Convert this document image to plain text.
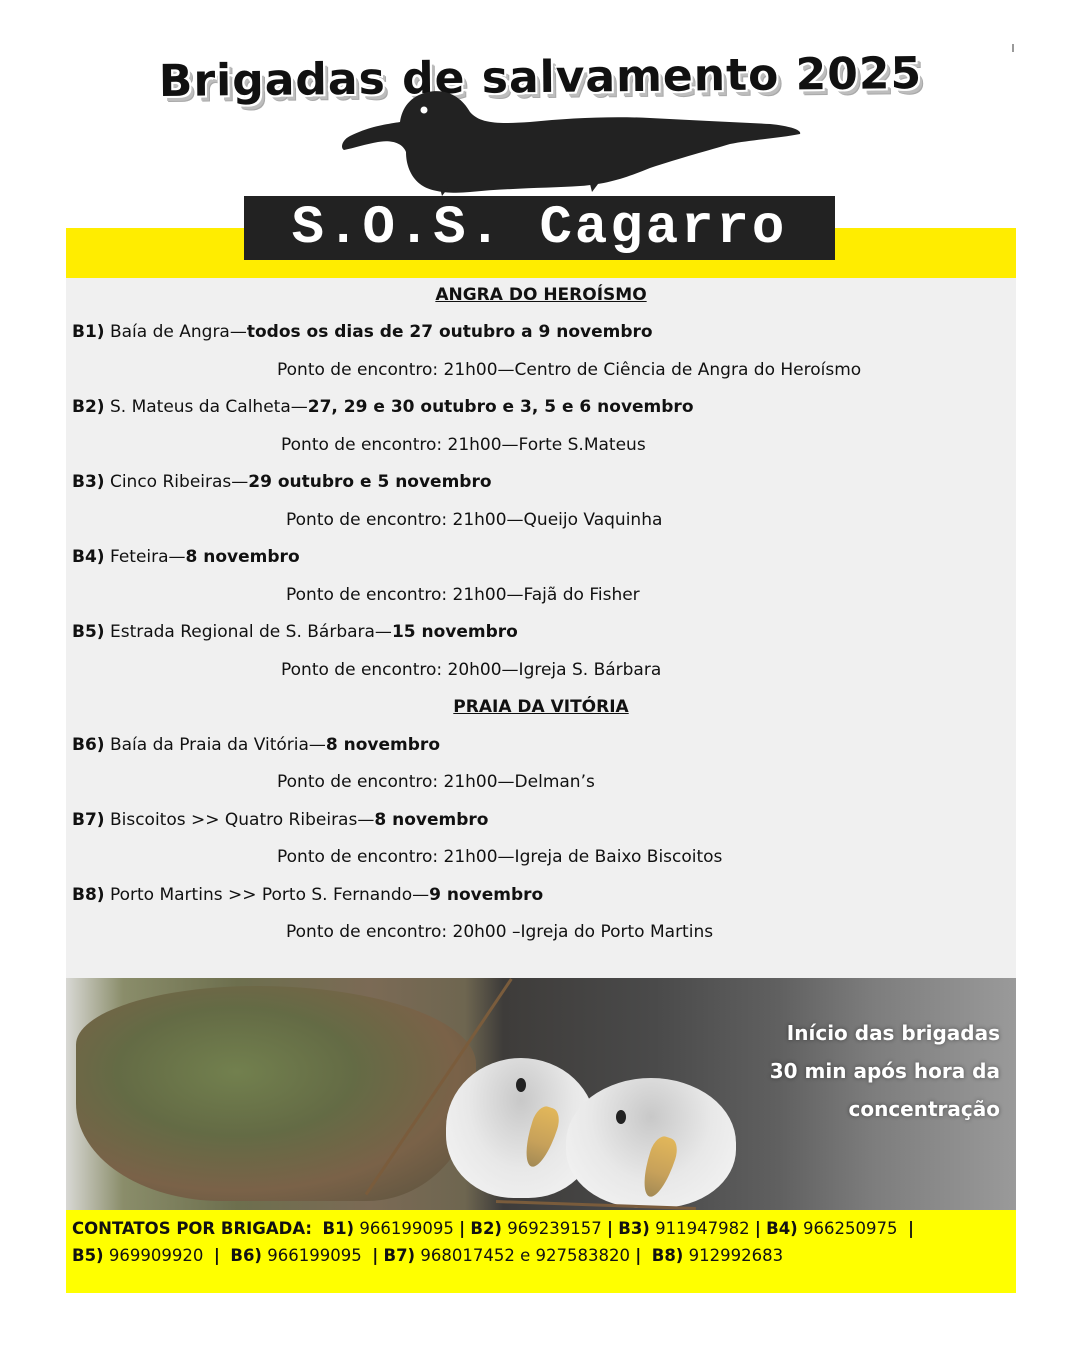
Brigadas de salvamento 2025
S.O.S. Cagarro
ANGRA DO HEROÍSMO
B1) Baía de Angra—todos os dias de 27 outubro a 9 novembro
Ponto de encontro: 21h00—Centro de Ciência de Angra do Heroísmo
B2) S. Mateus da Calheta—27, 29 e 30 outubro e 3, 5 e 6 novembro
Ponto de encontro: 21h00—Forte S.Mateus
B3) Cinco Ribeiras—29 outubro e 5 novembro
Ponto de encontro: 21h00—Queijo Vaquinha
B4) Feteira—8 novembro
Ponto de encontro: 21h00—Fajã do Fisher
B5) Estrada Regional de S. Bárbara—15 novembro
Ponto de encontro: 20h00—Igreja S. Bárbara
PRAIA DA VITÓRIA
B6) Baía da Praia da Vitória—8 novembro
Ponto de encontro: 21h00—Delman’s
B7) Biscoitos >> Quatro Ribeiras—8 novembro
Ponto de encontro: 21h00—Igreja de Baixo Biscoitos
B8) Porto Martins >> Porto S. Fernando—9 novembro
Ponto de encontro: 20h00 –Igreja do Porto Martins
Início das brigadas
30 min após hora da
concentração
CONTATOS POR BRIGADA: B1) 966199095 | B2) 969239157 | B3) 911947982 | B4) 966250975 |
B5) 969909920 | B6) 966199095 | B7) 968017452 e 927583820 | B8) 912992683
